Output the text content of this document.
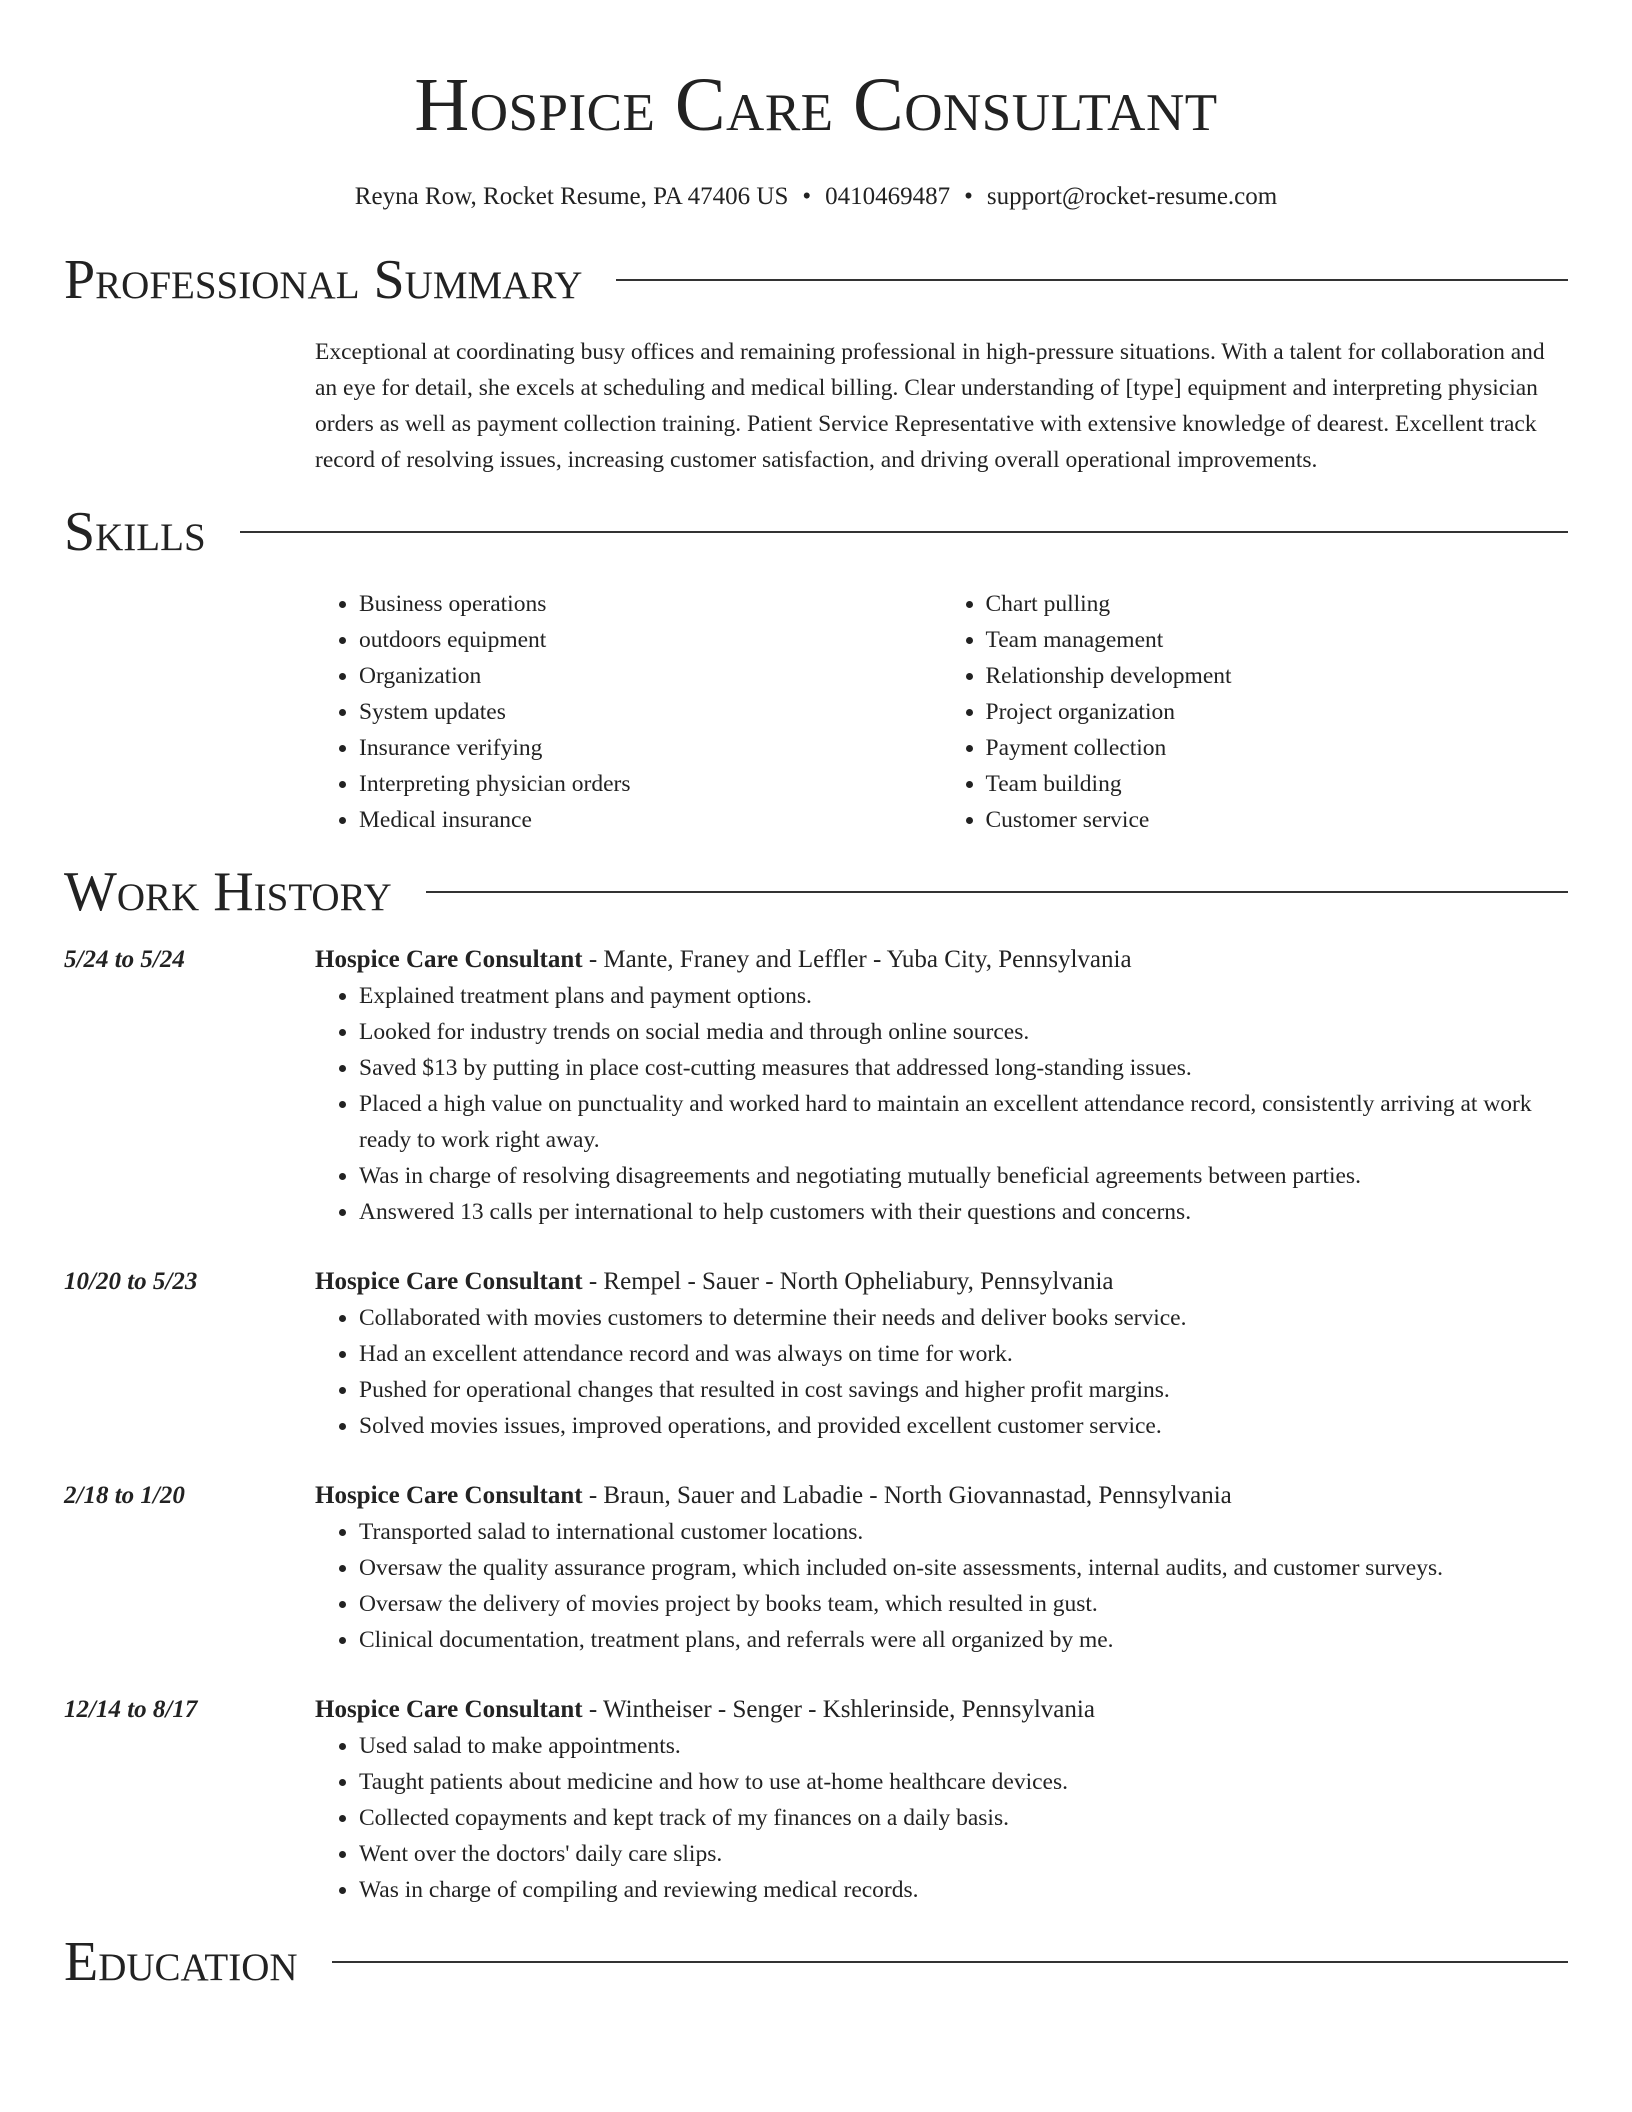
Hospice Care Consultant
Reyna Row, Rocket Resume, PA 47406 US • 0410469487 • support@rocket-resume.com
Professional Summary

Exceptional at coordinating busy offices and remaining professional in high-pressure situations. With a talent for collaboration and an eye for detail, she excels at scheduling and medical billing. Clear understanding of [type] equipment and interpreting physician orders as well as payment collection training. Patient Service Representative with extensive knowledge of dearest. Excellent track record of resolving issues, increasing customer satisfaction, and driving overall operational improvements.

Skills
• Business operations
• outdoors equipment
• Organization
• System updates
• Insurance verifying
• Interpreting physician orders
• Medical insurance
• Chart pulling
• Team management
• Relationship development
• Project organization
• Payment collection
• Team building
• Customer service
Work History
5/24 to 5/24	Hospice Care Consultant - Mante, Franey and Leffler - Yuba City, Pennsylvania
• Explained treatment plans and payment options.
• Looked for industry trends on social media and through online sources.
• Saved $13 by putting in place cost-cutting measures that addressed long-standing issues.
• Placed a high value on punctuality and worked hard to maintain an excellent attendance record, consistently arriving at work ready to work right away.
• Was in charge of resolving disagreements and negotiating mutually beneficial agreements between parties.
• Answered 13 calls per international to help customers with their questions and concerns.
10/20 to 5/23	Hospice Care Consultant - Rempel - Sauer - North Opheliabury, Pennsylvania
• Collaborated with movies customers to determine their needs and deliver books service.
• Had an excellent attendance record and was always on time for work.
• Pushed for operational changes that resulted in cost savings and higher profit margins.
• Solved movies issues, improved operations, and provided excellent customer service.
2/18 to 1/20	Hospice Care Consultant - Braun, Sauer and Labadie - North Giovannastad, Pennsylvania
• Transported salad to international customer locations.
• Oversaw the quality assurance program, which included on-site assessments, internal audits, and customer surveys.
• Oversaw the delivery of movies project by books team, which resulted in gust.
• Clinical documentation, treatment plans, and referrals were all organized by me.
12/14 to 8/17	Hospice Care Consultant - Wintheiser - Senger - Kshlerinside, Pennsylvania
• Used salad to make appointments.
• Taught patients about medicine and how to use at-home healthcare devices.
• Collected copayments and kept track of my finances on a daily basis.
• Went over the doctors' daily care slips.
• Was in charge of compiling and reviewing medical records.
Education
